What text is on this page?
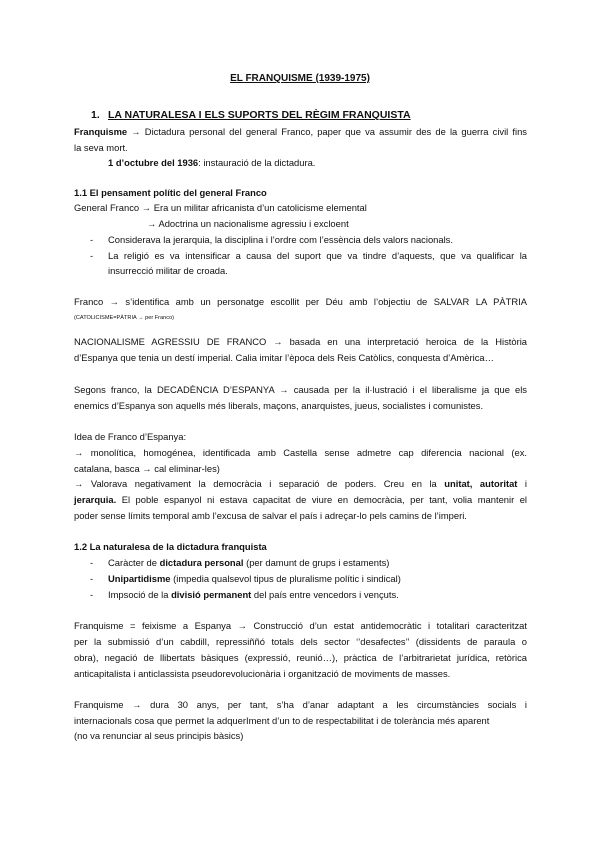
EL FRANQUISME (1939-1975)
1. LA NATURALESA I ELS SUPORTS DEL RÈGIM FRANQUISTA
Franquisme → Dictadura personal del general Franco, paper que va assumir des de la guerra civil fins
la seva mort.
1 d’octubre del 1936: instauració de la dictadura.
1.1 El pensament polític del general Franco
General Franco → Era un militar africanista d’un catolicisme elemental
→ Adoctrina un nacionalisme agressiu i excloent
- Considerava la jerarquia, la disciplina i l’ordre com l’essència dels valors nacionals.
- La religió es va intensificar a causa del suport que va tindre d’aquests, que va qualificar la
insurrecció militar de croada.
Franco → s’identifica amb un personatge escollit per Déu amb l’objectiu de SALVAR LA PÀTRIA
(CATOLICISME=PÀTRIA → per Franco)
NACIONALISME AGRESSIU DE FRANCO → basada en una interpretació heroica de la Història
d’Espanya que tenia un destí imperial. Calia imitar l’època dels Reis Catòlics, conquesta d’Amèrica…
Segons franco, la DECADÈNCIA D’ESPANYA → causada per la il·lustració i el liberalisme ja que els
enemics d’Espanya son aquells més liberals, maçons, anarquistes, jueus, socialistes i comunistes.
Idea de Franco d’Espanya:
→ monolítica, homogénea, identificada amb Castella sense admetre cap diferencia nacional (ex.
catalana, basca → cal eliminar-les)
→ Valorava negativament la democràcia i separació de poders. Creu en la unitat, autoritat i
jerarquia. El poble espanyol ni estava capacitat de viure en democràcia, per tant, volia mantenir el
poder sense límits temporal amb l’excusa de salvar el país i adreçar-lo pels camins de l’imperi.
1.2 La naturalesa de la dictadura franquista
- Caràcter de dictadura personal (per damunt de grups i estaments)
- Unipartidisme (impedia qualsevol tipus de pluralisme polític i sindical)
- Impsoció de la divisió permanent del país entre vencedors i vençuts.
Franquisme = feixisme a Espanya → Construcció d’un estat antidemocràtic i totalitari caracteritzat
per la submissió d’un cabdill, repressiññó totals dels sector ‘’desafectes’’ (dissidents de paraula o
obra), negació de llibertats bàsiques (expressió, reunió…), pràctica de l’arbitrarietat jurídica, retòrica
anticapitalista i anticlassista pseudorevolucionària i organització de moviments de masses.
Franquisme → dura 30 anys, per tant, s’ha d’anar adaptant a les circumstàncies socials i
internacionals cosa que permet la adquerIment d’un to de respectabilitat i de tolerància més aparent
(no va renunciar al seus principis bàsics)
